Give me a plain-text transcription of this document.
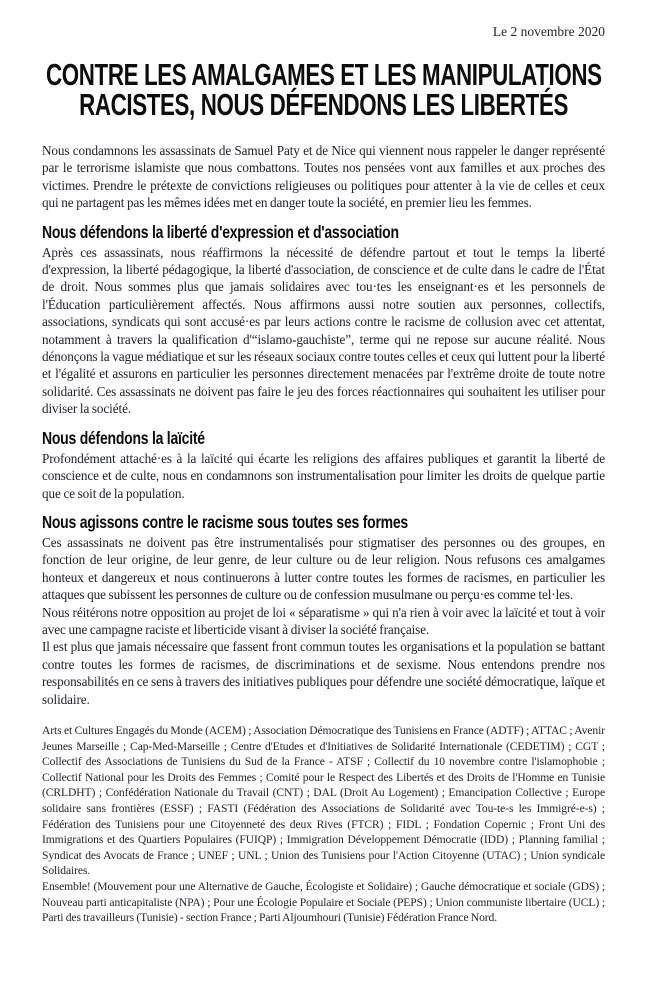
Le 2 novembre 2020

CONTRE LES AMALGAMES ET LES MANIPULATIONS
RACISTES, NOUS DÉFENDONS LES LIBERTÉS

Nous condamnons les assassinats de Samuel Paty et de Nice qui viennent nous rappeler le danger représenté par le terrorisme islamiste que nous combattons. Toutes nos pensées vont aux familles et aux proches des victimes. Prendre le prétexte de convictions religieuses ou politiques pour attenter à la vie de celles et ceux qui ne partagent pas les mêmes idées met en danger toute la société, en premier lieu les femmes.

Nous défendons la liberté d'expression et d'association

Après ces assassinats, nous réaffirmons la nécessité de défendre partout et tout le temps la liberté d'expression, la liberté pédagogique, la liberté d'association, de conscience et de culte dans le cadre de l'État de droit. Nous sommes plus que jamais solidaires avec tou·tes les enseignant·es et les personnels de l'Éducation particulièrement affectés. Nous affirmons aussi notre soutien aux personnes, collectifs, associations, syndicats qui sont accusé·es par leurs actions contre le racisme de collusion avec cet attentat, notamment à travers la qualification d'“islamo-gauchiste”, terme qui ne repose sur aucune réalité. Nous dénonçons la vague médiatique et sur les réseaux sociaux contre toutes celles et ceux qui luttent pour la liberté et l'égalité et assurons en particulier les personnes directement menacées par l'extrême droite de toute notre solidarité. Ces assassinats ne doivent pas faire le jeu des forces réactionnaires qui souhaitent les utiliser pour diviser la société.

Nous défendons la laïcité

Profondément attaché·es à la laïcité qui écarte les religions des affaires publiques et garantit la liberté de conscience et de culte, nous en condamnons son instrumentalisation pour limiter les droits de quelque partie que ce soit de la population.

Nous agissons contre le racisme sous toutes ses formes

Ces assassinats ne doivent pas être instrumentalisés pour stigmatiser des personnes ou des groupes, en fonction de leur origine, de leur genre, de leur culture ou de leur religion. Nous refusons ces amalgames honteux et dangereux et nous continuerons à lutter contre toutes les formes de racismes, en particulier les attaques que subissent les personnes de culture ou de confession musulmane ou perçu·es comme tel·les.

Nous réitérons notre opposition au projet de loi « séparatisme » qui n'a rien à voir avec la laïcité et tout à voir avec une campagne raciste et liberticide visant à diviser la société française.

Il est plus que jamais nécessaire que fassent front commun toutes les organisations et la population se battant contre toutes les formes de racismes, de discriminations et de sexisme. Nous entendons prendre nos responsabilités en ce sens à travers des initiatives publiques pour défendre une société démocratique, laïque et solidaire.

Arts et Cultures Engagés du Monde (ACEM) ; Association Démocratique des Tunisiens en France (ADTF) ; ATTAC ; Avenir Jeunes Marseille ; Cap-Med-Marseille ; Centre d'Etudes et d'Initiatives de Solidarité Internationale (CEDETIM) ; CGT ; Collectif des Associations de Tunisiens du Sud de la France - ATSF ; Collectif du 10 novembre contre l'islamophobie ; Collectif National pour les Droits des Femmes ; Comité pour le Respect des Libertés et des Droits de l'Homme en Tunisie (CRLDHT) ; Confédération Nationale du Travail (CNT) ; DAL (Droit Au Logement) ; Emancipation Collective ; Europe solidaire sans frontières (ESSF) ; FASTI (Fédération des Associations de Solidarité avec Tou-te-s les Immigré-e-s) ; Fédération des Tunisiens pour une Citoyenneté des deux Rives (FTCR) ; FIDL ; Fondation Copernic ; Front Uni des Immigrations et des Quartiers Populaires (FUIQP) ; Immigration Développement Démocratie (IDD) ; Planning familial ; Syndicat des Avocats de France ; UNEF ; UNL ; Union des Tunisiens pour l'Action Citoyenne (UTAC) ; Union syndicale Solidaires.

Ensemble! (Mouvement pour une Alternative de Gauche, Écologiste et Solidaire) ; Gauche démocratique et sociale (GDS) ; Nouveau parti anticapitaliste (NPA) ; Pour une Écologie Populaire et Sociale (PEPS) ; Union communiste libertaire (UCL) ; Parti des travailleurs (Tunisie) - section France ; Parti Aljoumhouri (Tunisie) Fédération France Nord.
